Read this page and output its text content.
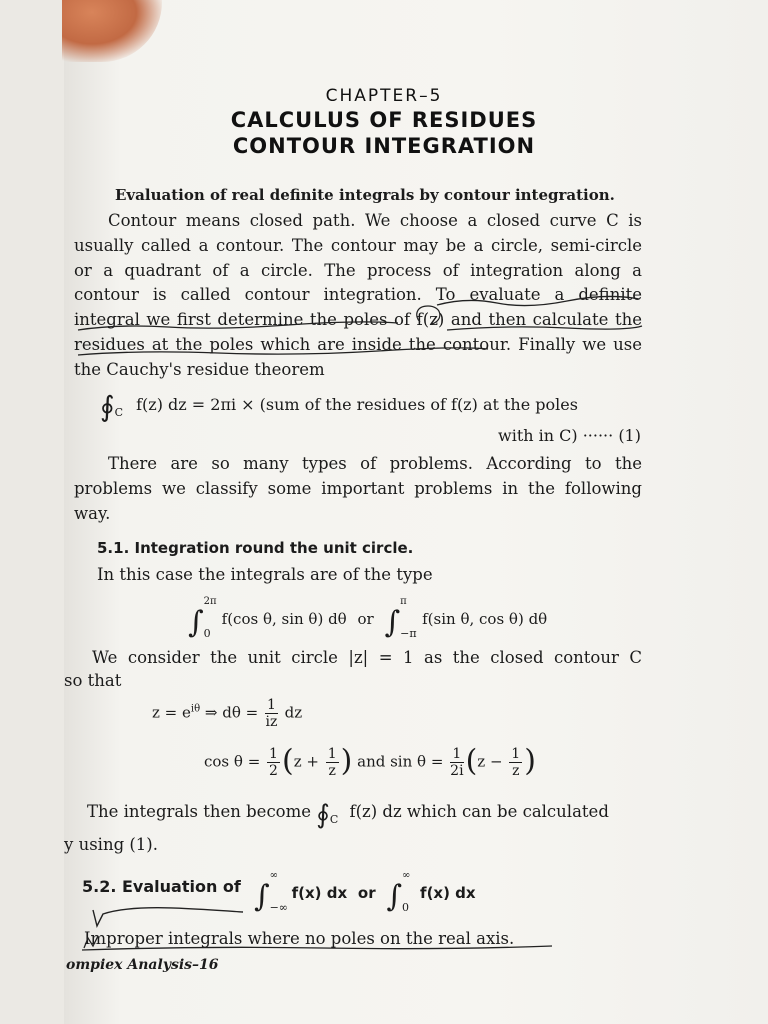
CHAPTER–5
CALCULUS OF RESIDUES
CONTOUR INTEGRATION
Evaluation of real definite integrals by contour integration.
Contour means closed path. We choose a closed curve C is
usually called a contour. The contour may be a circle, semi-circle
or a quadrant of a circle. The process of integration along a
contour is called contour integration. To evaluate a definite
integral we first determine the poles of f(z) and then calculate the
residues at the poles which are inside the contour. Finally we use
the Cauchy's residue theorem
$∮_C$ f(z) dz = 2πi × (sum of the residues of f(z) at the poles
with in C) ······ (1)
There are so many types of problems. According to the
problems we classify some important problems in the following
way.
5.1. Integration round the unit circle.
In this case the integrals are of the type
∫
2π
0
f(cos θ, sin θ) dθ or ∫
π
−π
f(sin θ, cos θ) dθ
We consider the unit circle |z| = 1 as the closed contour C
so that
$z = e^{i\theta}$ ⇒ $d\theta = \frac{1}{iz}$ dz
$\cos \theta = \frac{1}{2} (z + \frac{1}{z}$ ) and $\sin \theta = \frac{1}{2i} (z - \frac{1}{z}$ )
The integrals then become $∮_C$ f(z) dz which can be calculated
y using (1).
5.2. Evaluation of ∫
∞
−∞
f(x) dx or ∫
∞
0
f(x) dx
Improper integrals where no poles on the real axis.
ompiex Analysis–16
